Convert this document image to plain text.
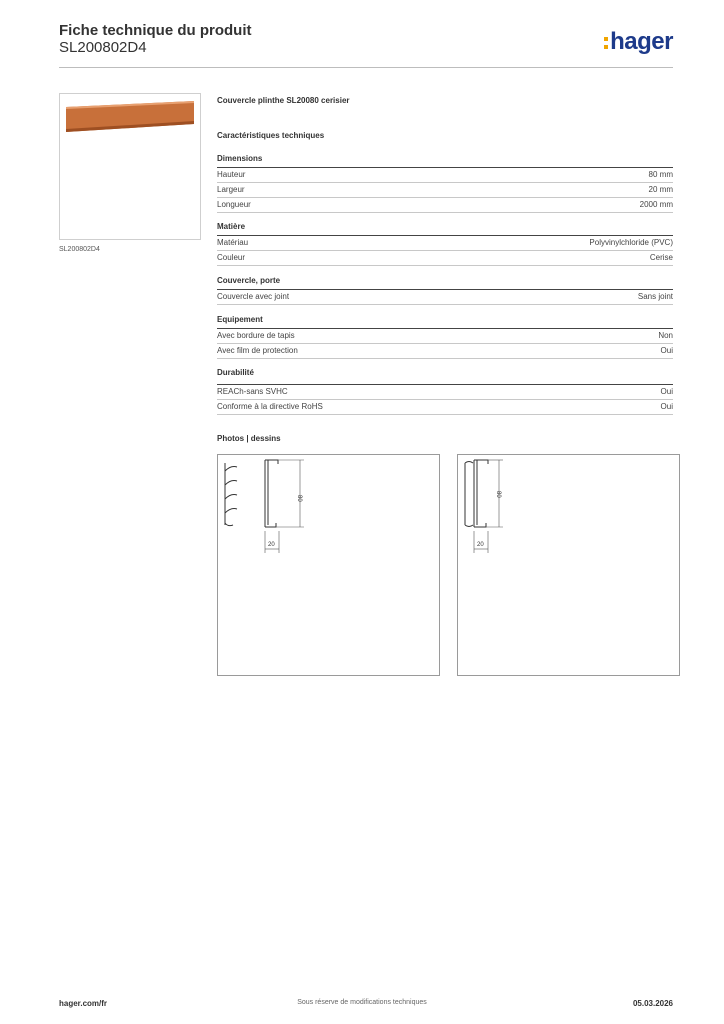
Fiche technique du produit
SL200802D4	hager
SL200802D4
Couvercle plinthe SL20080 cerisier
Caractéristiques techniques
Dimensions
Hauteur	80 mm
Largeur	20 mm
Longueur	2000 mm
Matière
Matériau	Polyvinylchloride (PVC)
Couleur	Cerise
Couvercle, porte
Couvercle avec joint	Sans joint
Equipement
Avec bordure de tapis	Non
Avec film de protection	Oui
Durabilité
REACh-sans SVHC	Oui
Conforme à la directive RoHS	Oui
Photos | dessins
80
20
80
20
hager.com/fr	Sous réserve de modifications techniques	05.03.2026
